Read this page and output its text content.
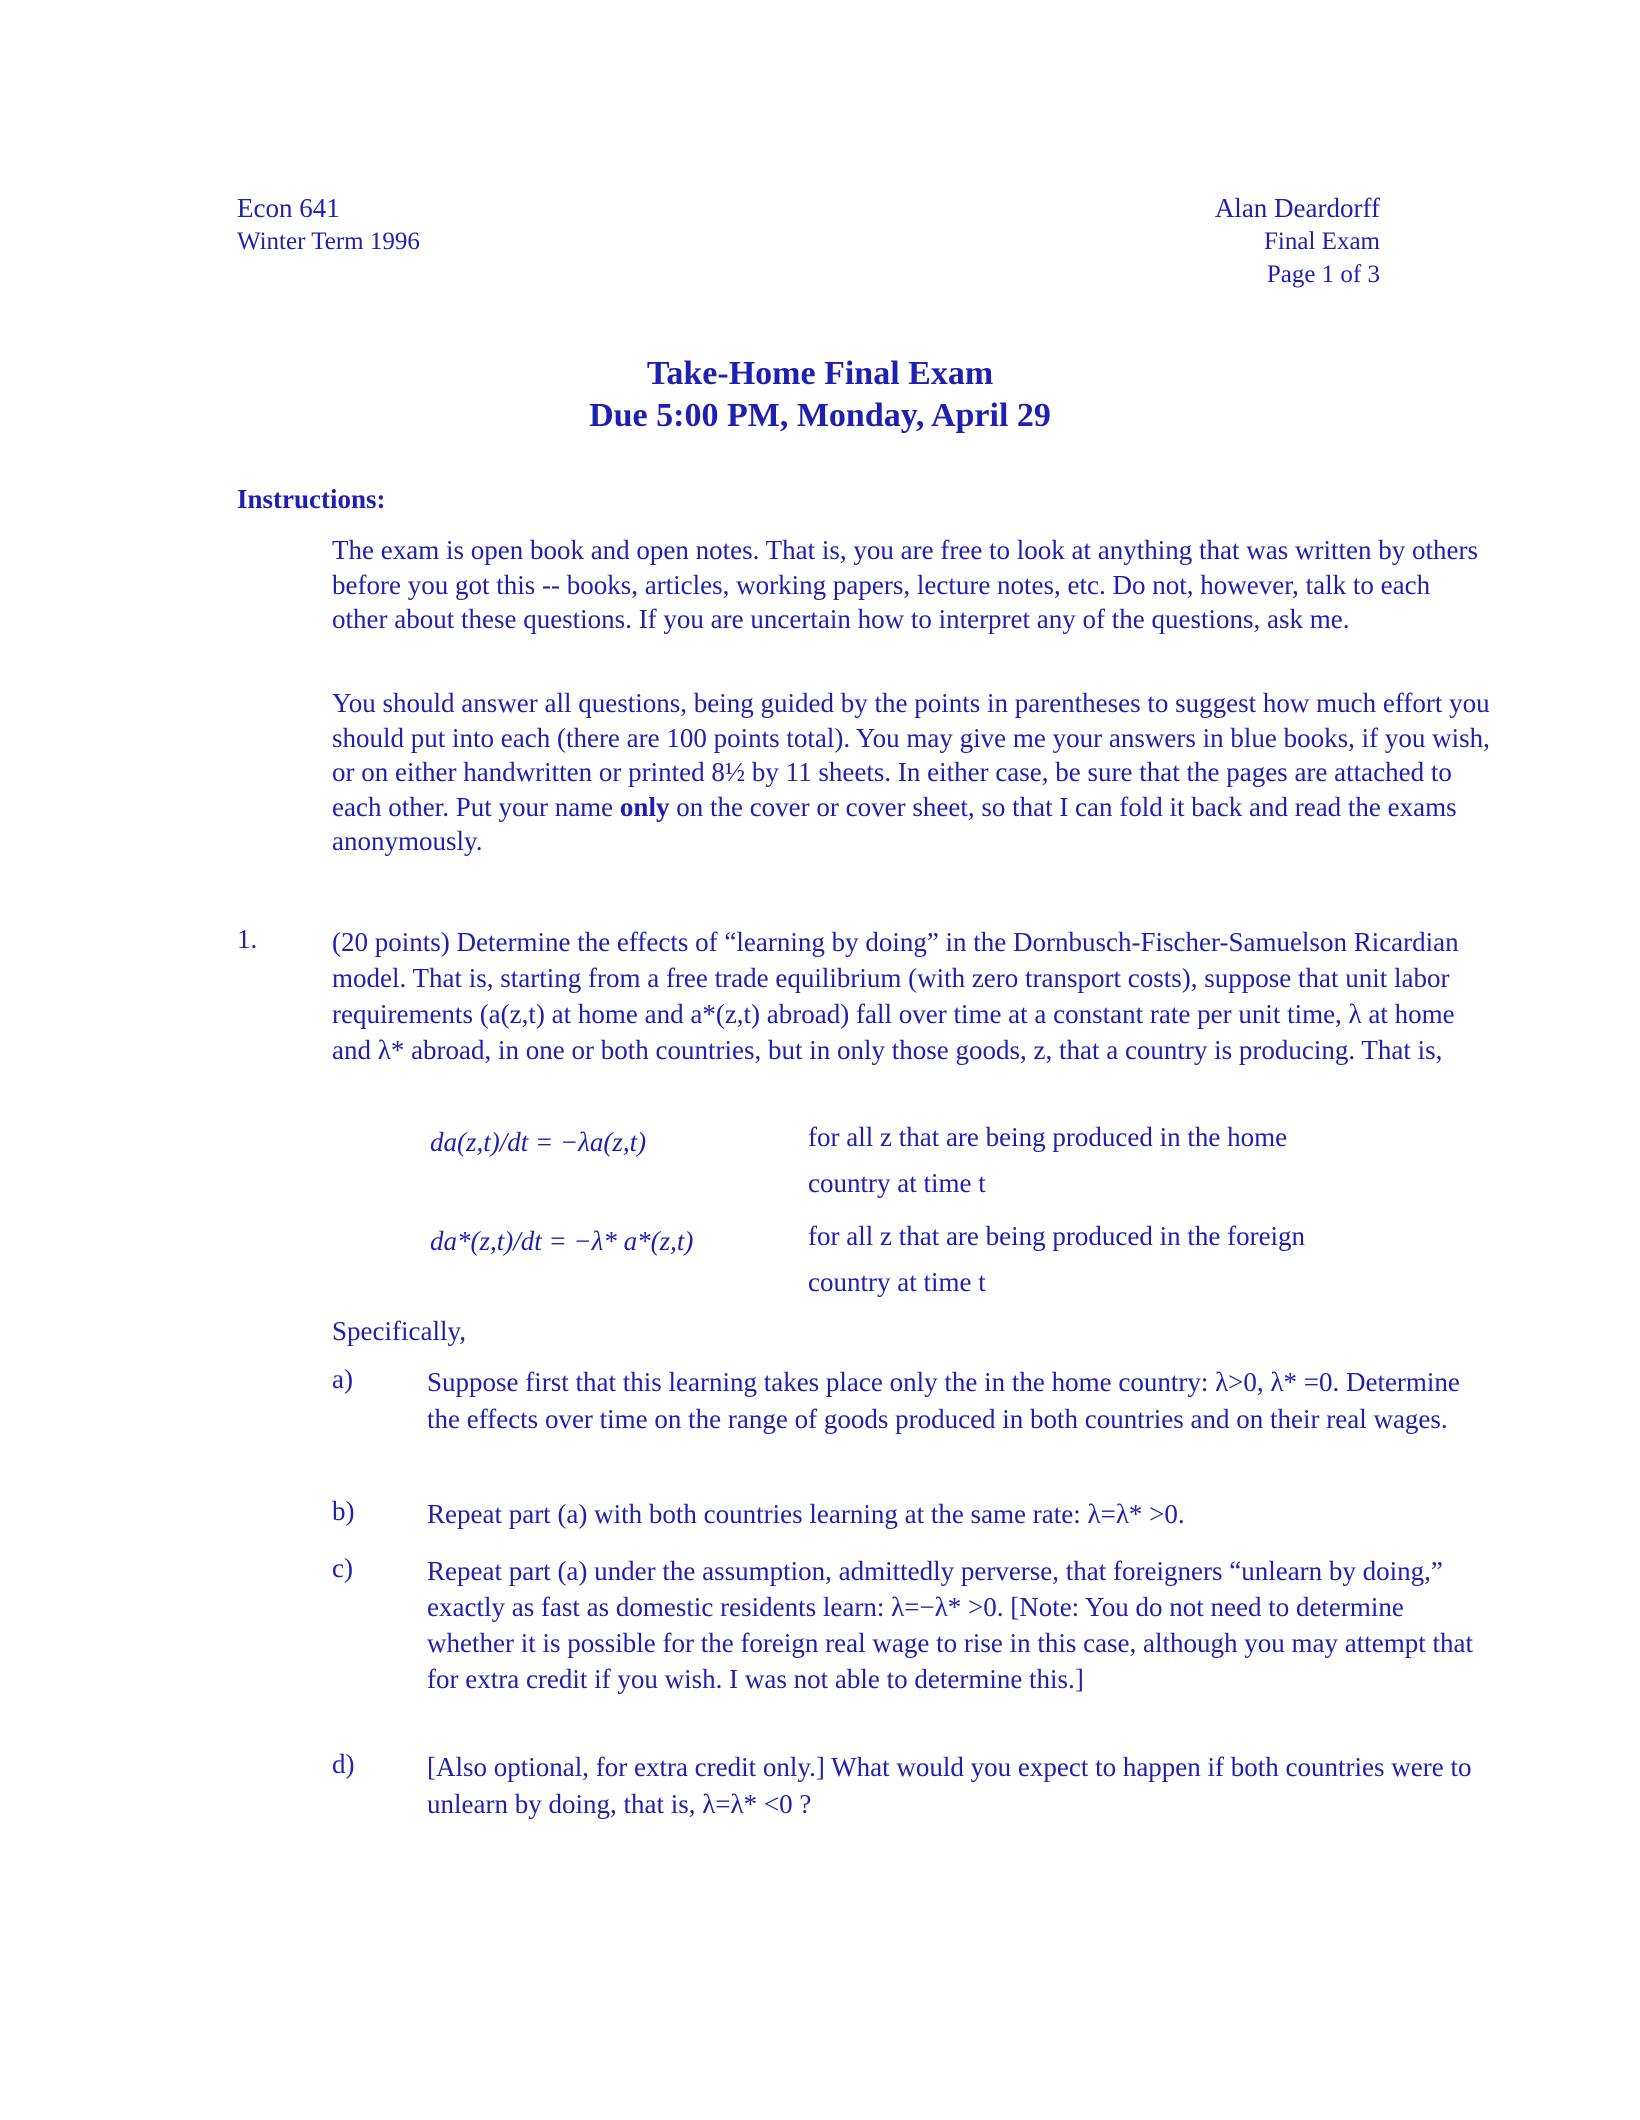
Econ 641
Winter Term 1996
Alan Deardorff
Final Exam
Page 1 of 3
Take-Home Final Exam
Due 5:00 PM, Monday, April 29
Instructions:
The exam is open book and open notes. That is, you are free to look at anything that was written by others before you got this -- books, articles, working papers, lecture notes, etc. Do not, however, talk to each other about these questions. If you are uncertain how to interpret any of the questions, ask me.
You should answer all questions, being guided by the points in parentheses to suggest how much effort you should put into each (there are 100 points total). You may give me your answers in blue books, if you wish, or on either handwritten or printed 8½ by 11 sheets. In either case, be sure that the pages are attached to each other. Put your name only on the cover or cover sheet, so that I can fold it back and read the exams anonymously.
1.	(20 points) Determine the effects of “learning by doing” in the Dornbusch-Fischer-Samuelson Ricardian model. That is, starting from a free trade equilibrium (with zero transport costs), suppose that unit labor requirements (a(z,t) at home and a*(z,t) abroad) fall over time at a constant rate per unit time, λ at home and λ* abroad, in one or both countries, but in only those goods, z, that a country is producing. That is,
da(z,t)/dt = −λa(z,t)	for all z that are being produced in the home country at time t
da*(z,t)/dt = −λ* a*(z,t)	for all z that are being produced in the foreign country at time t
Specifically,
a)	Suppose first that this learning takes place only the in the home country: λ>0, λ* =0. Determine the effects over time on the range of goods produced in both countries and on their real wages.
b)	Repeat part (a) with both countries learning at the same rate: λ=λ* >0.
c)	Repeat part (a) under the assumption, admittedly perverse, that foreigners “unlearn by doing,” exactly as fast as domestic residents learn: λ=−λ* >0. [Note: You do not need to determine whether it is possible for the foreign real wage to rise in this case, although you may attempt that for extra credit if you wish. I was not able to determine this.]
d)	[Also optional, for extra credit only.] What would you expect to happen if both countries were to unlearn by doing, that is, λ=λ* <0 ?
